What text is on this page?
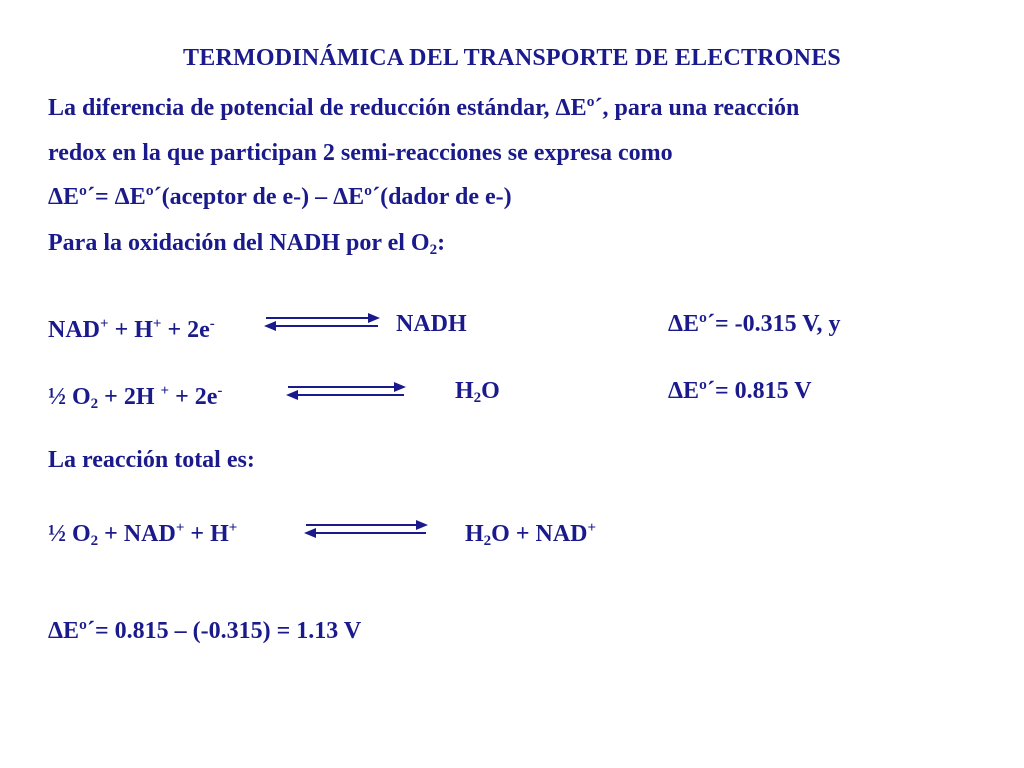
TERMODINÁMICA DEL TRANSPORTE DE ELECTRONES
La diferencia de potencial de reducción estándar, ΔEº´, para una reacción
redox en la que participan 2 semi-reacciones se expresa como
ΔEº´= ΔEº´(aceptor de e-) – ΔEº´(dador de e-)
Para la oxidación del NADH por el $O_2$:
NAD+ + H+ + 2e-	NADH	ΔEº´= -0.315 V, y
½ $O_2 + 2H$ + + 2e-	$H_2O$	ΔEº´= 0.815 V
La reacción total es:
½ $O_2 + NAD^+ + H^+$	$H_2O + NAD^+$
ΔEº´= 0.815 – (-0.315) = 1.13 V
